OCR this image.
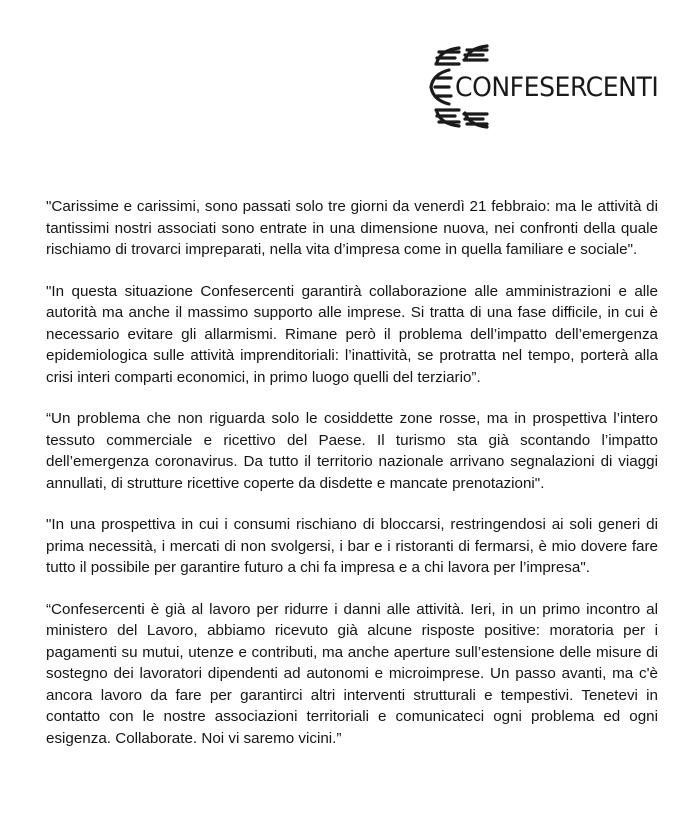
CONFESERCENTI

"Carissime e carissimi, sono passati solo tre giorni da venerdì 21 febbraio: ma le attività di tantissimi nostri associati sono entrate in una dimensione nuova, nei confronti della quale rischiamo di trovarci impreparati, nella vita d’impresa come in quella familiare e sociale".

"In questa situazione Confesercenti garantirà collaborazione alle amministrazioni e alle autorità ma anche il massimo supporto alle imprese. Si tratta di una fase difficile, in cui è necessario evitare gli allarmismi. Rimane però il problema dell’impatto dell’emergenza epidemiologica sulle attività imprenditoriali: l’inattività, se protratta nel tempo, porterà alla crisi interi comparti economici, in primo luogo quelli del terziario”.

“Un problema che non riguarda solo le cosiddette zone rosse, ma in prospettiva l’intero tessuto commerciale e ricettivo del Paese. Il turismo sta già scontando l’impatto dell’emergenza coronavirus. Da tutto il territorio nazionale arrivano segnalazioni di viaggi annullati, di strutture ricettive coperte da disdette e mancate prenotazioni".

"In una prospettiva in cui i consumi rischiano di bloccarsi, restringendosi ai soli generi di prima necessità, i mercati di non svolgersi, i bar e i ristoranti di fermarsi, è mio dovere fare tutto il possibile per garantire futuro a chi fa impresa e a chi lavora per l’impresa".

“Confesercenti è già al lavoro per ridurre i danni alle attività. Ieri, in un primo incontro al ministero del Lavoro, abbiamo ricevuto già alcune risposte positive: moratoria per i pagamenti su mutui, utenze e contributi, ma anche aperture sull’estensione delle misure di sostegno dei lavoratori dipendenti ad autonomi e microimprese. Un passo avanti, ma c'è ancora lavoro da fare per garantirci altri interventi strutturali e tempestivi. Tenetevi in contatto con le nostre associazioni territoriali e comunicateci ogni problema ed ogni esigenza. Collaborate. Noi vi saremo vicini.”
